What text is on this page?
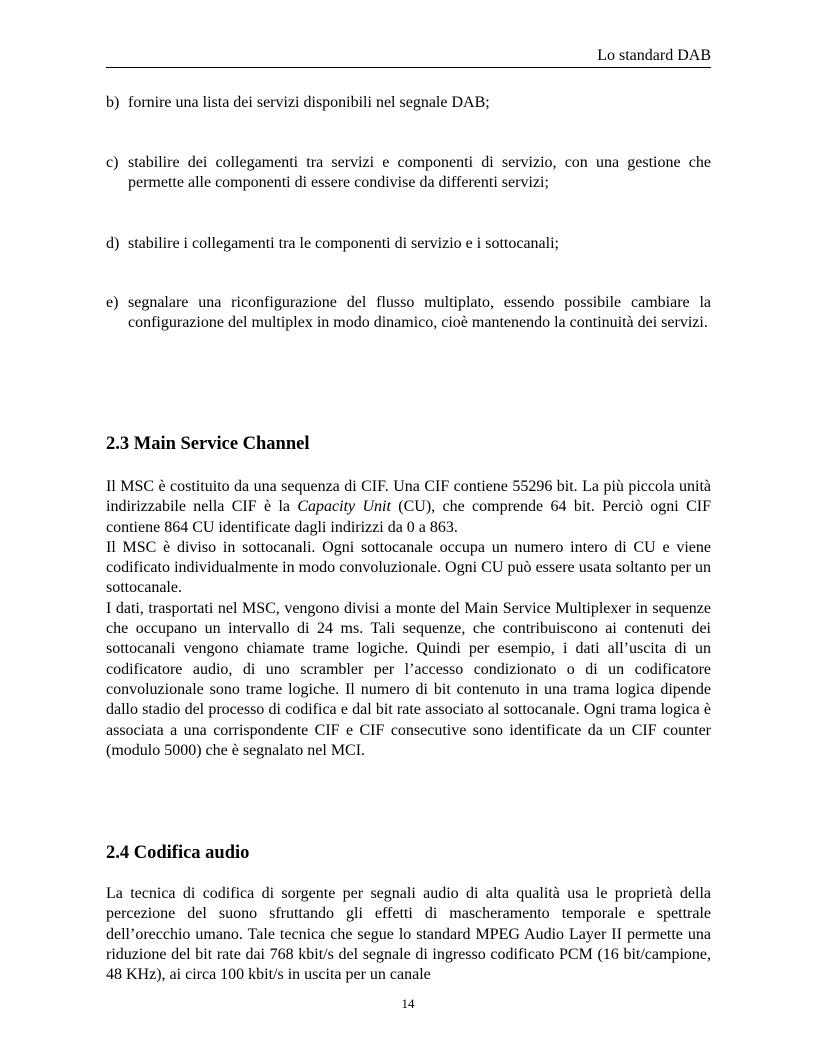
Lo standard DAB
b) fornire una lista dei servizi disponibili nel segnale DAB;
c) stabilire dei collegamenti tra servizi e componenti di servizio, con una gestione che permette alle componenti di essere condivise da differenti servizi;
d) stabilire i collegamenti tra le componenti di servizio e i sottocanali;
e) segnalare una riconfigurazione del flusso multiplato, essendo possibile cambiare la configurazione del multiplex in modo dinamico, cioè mantenendo la continuità dei servizi.
2.3 Main Service Channel

Il MSC è costituito da una sequenza di CIF. Una CIF contiene 55296 bit. La più piccola unità indirizzabile nella CIF è la Capacity Unit (CU), che comprende 64 bit. Perciò ogni CIF contiene 864 CU identificate dagli indirizzi da 0 a 863.

Il MSC è diviso in sottocanali. Ogni sottocanale occupa un numero intero di CU e viene codificato individualmente in modo convoluzionale. Ogni CU può essere usata soltanto per un sottocanale.

I dati, trasportati nel MSC, vengono divisi a monte del Main Service Multiplexer in sequenze che occupano un intervallo di 24 ms. Tali sequenze, che contribuiscono ai contenuti dei sottocanali vengono chiamate trame logiche. Quindi per esempio, i dati all’uscita di un codificatore audio, di uno scrambler per l’accesso condizionato o di un codificatore convoluzionale sono trame logiche. Il numero di bit contenuto in una trama logica dipende dallo stadio del processo di codifica e dal bit rate associato al sottocanale. Ogni trama logica è associata a una corrispondente CIF e CIF consecutive sono identificate da un CIF counter (modulo 5000) che è segnalato nel MCI.

2.4 Codifica audio

La tecnica di codifica di sorgente per segnali audio di alta qualità usa le proprietà della percezione del suono sfruttando gli effetti di mascheramento temporale e spettrale dell’orecchio umano. Tale tecnica che segue lo standard MPEG Audio Layer II permette una riduzione del bit rate dai 768 kbit/s del segnale di ingresso codificato PCM (16 bit/campione, 48 KHz), ai circa 100 kbit/s in uscita per un canale

14
